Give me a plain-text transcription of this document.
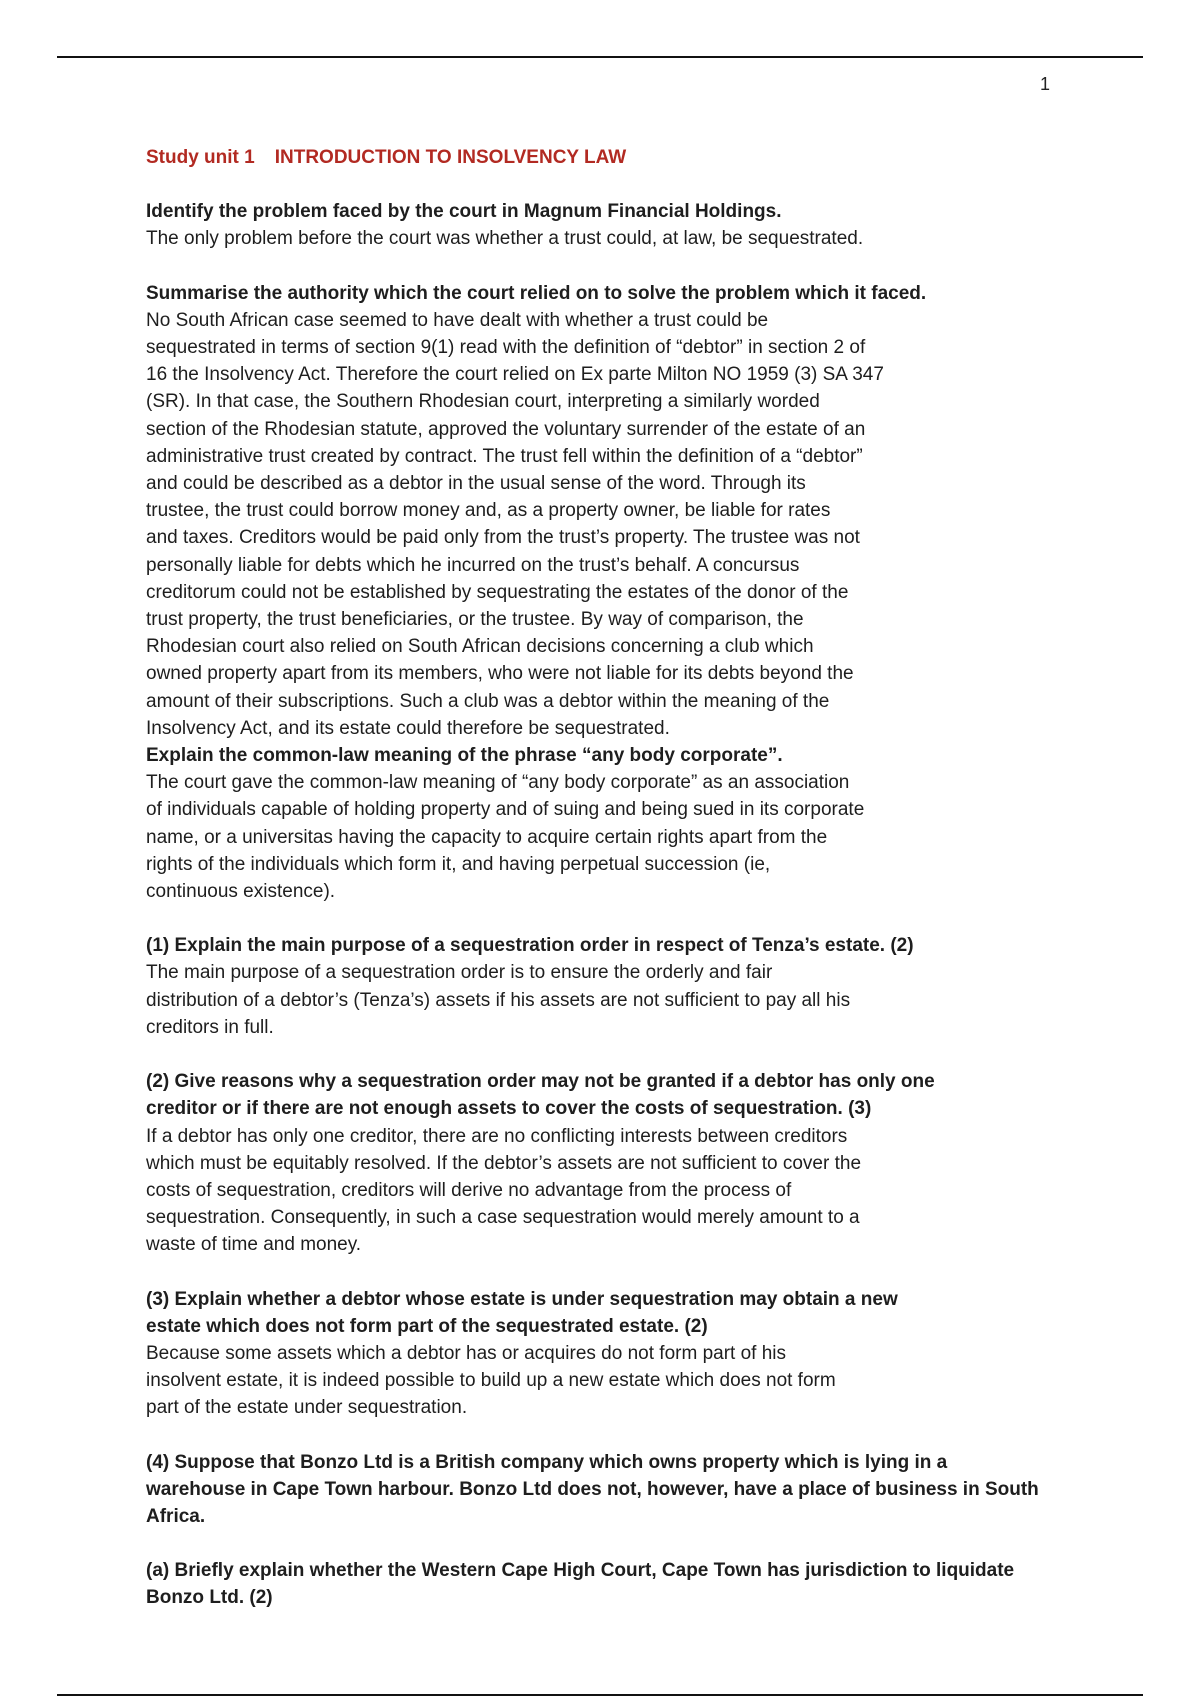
1

Study unit 1 INTRODUCTION TO INSOLVENCY LAW

Identify the problem faced by the court in Magnum Financial Holdings.

The only problem before the court was whether a trust could, at law, be sequestrated.

Summarise the authority which the court relied on to solve the problem which it faced.

No South African case seemed to have dealt with whether a trust could be
sequestrated in terms of section 9(1) read with the definition of “debtor” in section 2 of
16 the Insolvency Act. Therefore the court relied on Ex parte Milton NO 1959 (3) SA 347
(SR). In that case, the Southern Rhodesian court, interpreting a similarly worded
section of the Rhodesian statute, approved the voluntary surrender of the estate of an
administrative trust created by contract. The trust fell within the definition of a “debtor”
and could be described as a debtor in the usual sense of the word. Through its
trustee, the trust could borrow money and, as a property owner, be liable for rates
and taxes. Creditors would be paid only from the trust’s property. The trustee was not
personally liable for debts which he incurred on the trust’s behalf. A concursus
creditorum could not be established by sequestrating the estates of the donor of the
trust property, the trust beneficiaries, or the trustee. By way of comparison, the
Rhodesian court also relied on South African decisions concerning a club which
owned property apart from its members, who were not liable for its debts beyond the
amount of their subscriptions. Such a club was a debtor within the meaning of the
Insolvency Act, and its estate could therefore be sequestrated.

Explain the common-law meaning of the phrase “any body corporate”.

The court gave the common-law meaning of “any body corporate” as an association
of individuals capable of holding property and of suing and being sued in its corporate
name, or a universitas having the capacity to acquire certain rights apart from the
rights of the individuals which form it, and having perpetual succession (ie,
continuous existence).

(1) Explain the main purpose of a sequestration order in respect of Tenza’s estate. (2)

The main purpose of a sequestration order is to ensure the orderly and fair
distribution of a debtor’s (Tenza’s) assets if his assets are not sufficient to pay all his
creditors in full.

(2) Give reasons why a sequestration order may not be granted if a debtor has only one
creditor or if there are not enough assets to cover the costs of sequestration. (3)

If a debtor has only one creditor, there are no conflicting interests between creditors
which must be equitably resolved. If the debtor’s assets are not sufficient to cover the
costs of sequestration, creditors will derive no advantage from the process of
sequestration. Consequently, in such a case sequestration would merely amount to a
waste of time and money.

(3) Explain whether a debtor whose estate is under sequestration may obtain a new
estate which does not form part of the sequestrated estate. (2)

Because some assets which a debtor has or acquires do not form part of his
insolvent estate, it is indeed possible to build up a new estate which does not form
part of the estate under sequestration.

(4) Suppose that Bonzo Ltd is a British company which owns property which is lying in a
warehouse in Cape Town harbour. Bonzo Ltd does not, however, have a place of business in South
Africa.

(a) Briefly explain whether the Western Cape High Court, Cape Town has jurisdiction to liquidate
Bonzo Ltd. (2)
